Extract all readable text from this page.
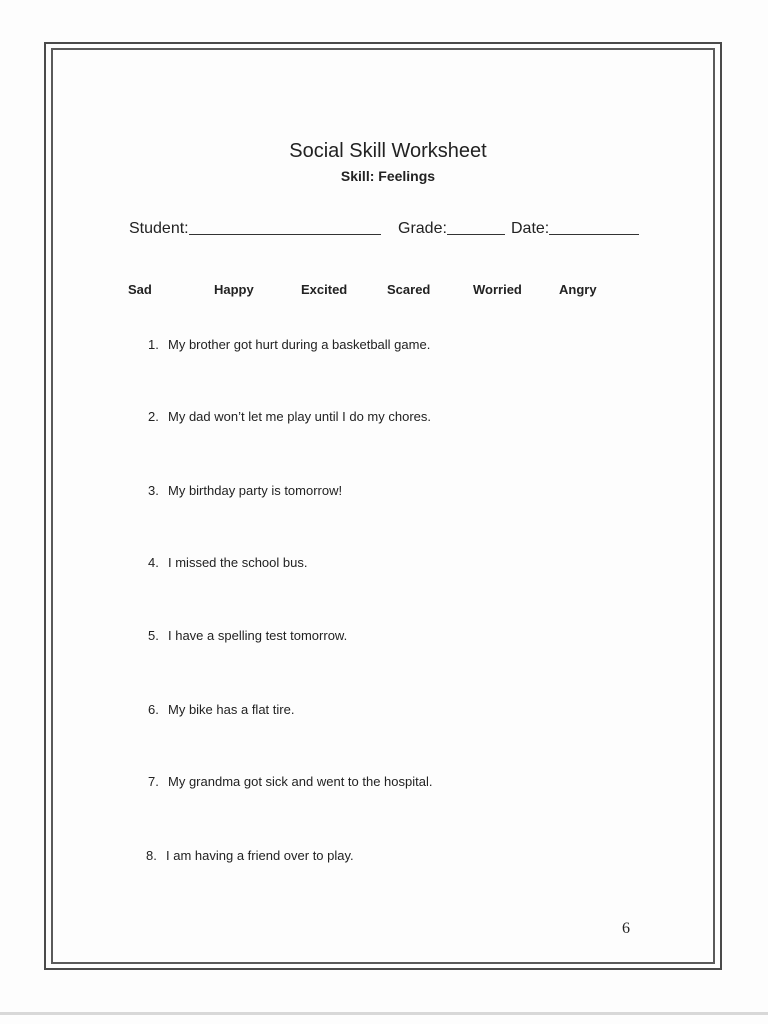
Social Skill Worksheet
Skill: Feelings
Student:	Grade:	Date:
Sad	Happy	Excited	Scared	Worried	Angry
1. My brother got hurt during a basketball game.
2. My dad won’t let me play until I do my chores.
3. My birthday party is tomorrow!
4. I missed the school bus.
5. I have a spelling test tomorrow.
6. My bike has a flat tire.
7. My grandma got sick and went to the hospital.
8. I am having a friend over to play.
6
